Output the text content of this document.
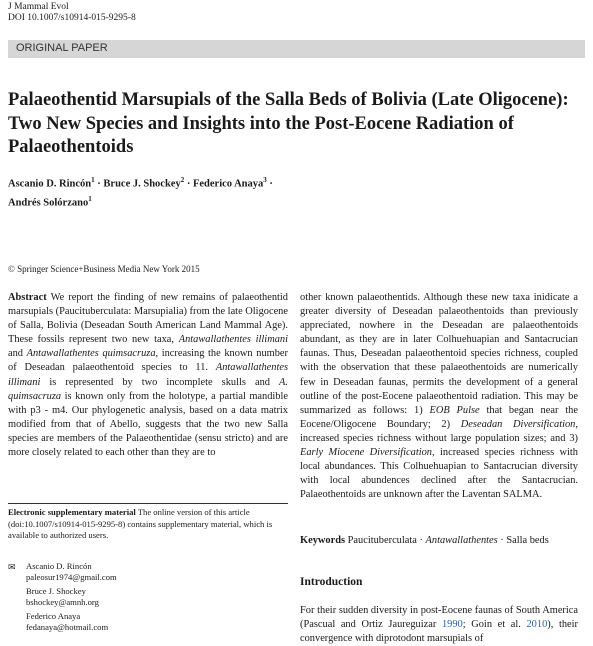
J Mammal Evol
DOI 10.1007/s10914-015-9295-8
ORIGINAL PAPER
Palaeothentid Marsupials of the Salla Beds of Bolivia (Late Oligocene): Two New Species and Insights into the Post-Eocene Radiation of Palaeothentoids
Ascanio D. Rincón$^1$ · Bruce J. Shockey$^2$ · Federico Anaya$^3$ ·
Andrés Solórzano$^1$
© Springer Science+Business Media New York 2015
Abstract We report the finding of new remains of palaeothentid marsupials (Paucituberculata: Marsupialia) from the late Oligocene of Salla, Bolivia (Deseadan South American Land Mammal Age). These fossils represent two new taxa, Antawallathentes illimani and Antawallathentes quimsacruza, increasing the known number of Deseadan palaeothentoid species to 11. Antawallathentes illimani is represented by two incomplete skulls and A. quimsacruza is known only from the holotype, a partial mandible with p3 - m4. Our phylogenetic analysis, based on a data matrix modified from that of Abello, suggests that the two new Salla species are members of the Palaeothentidae (sensu stricto) and are more closely related to each other than they are to
Electronic supplementary material The online version of this article (doi:10.1007/s10914-015-9295-8) contains supplementary material, which is available to authorized users.
✉ Ascanio D. Rincón
paleosur1974@gmail.com
Bruce J. Shockey
bshockey@amnh.org
Federico Anaya
fedanaya@hotmail.com
other known palaeothentids. Although these new taxa inidicate a greater diversity of Deseadan palaeothentoids than previously appreciated, nowhere in the Deseadan are palaeothentoids abundant, as they are in later Colhuehuapian and Santacrucian faunas. Thus, Deseadan palaeothentoid species richness, coupled with the observation that these palaeothentoids are numerically few in Deseadan faunas, permits the development of a general outline of the post-Eocene palaeothentoid radiation. This may be summarized as follows: 1) EOB Pulse that began near the Eocene/Oligocene Boundary; 2) Deseadan Diversification, increased species richness without large population sizes; and 3) Early Miocene Diversification, increased species richness with local abundances. This Colhuehuapian to Santacrucian diversity with local abundences declined after the Santacrucian. Palaeothentoids are unknown after the Laventan SALMA.
Keywords Paucituberculata · Antawallathentes · Salla beds
Introduction
For their sudden diversity in post-Eocene faunas of South America (Pascual and Ortiz Jaureguizar 1990; Goin et al. 2010), their convergence with diprotodont marsupials of
